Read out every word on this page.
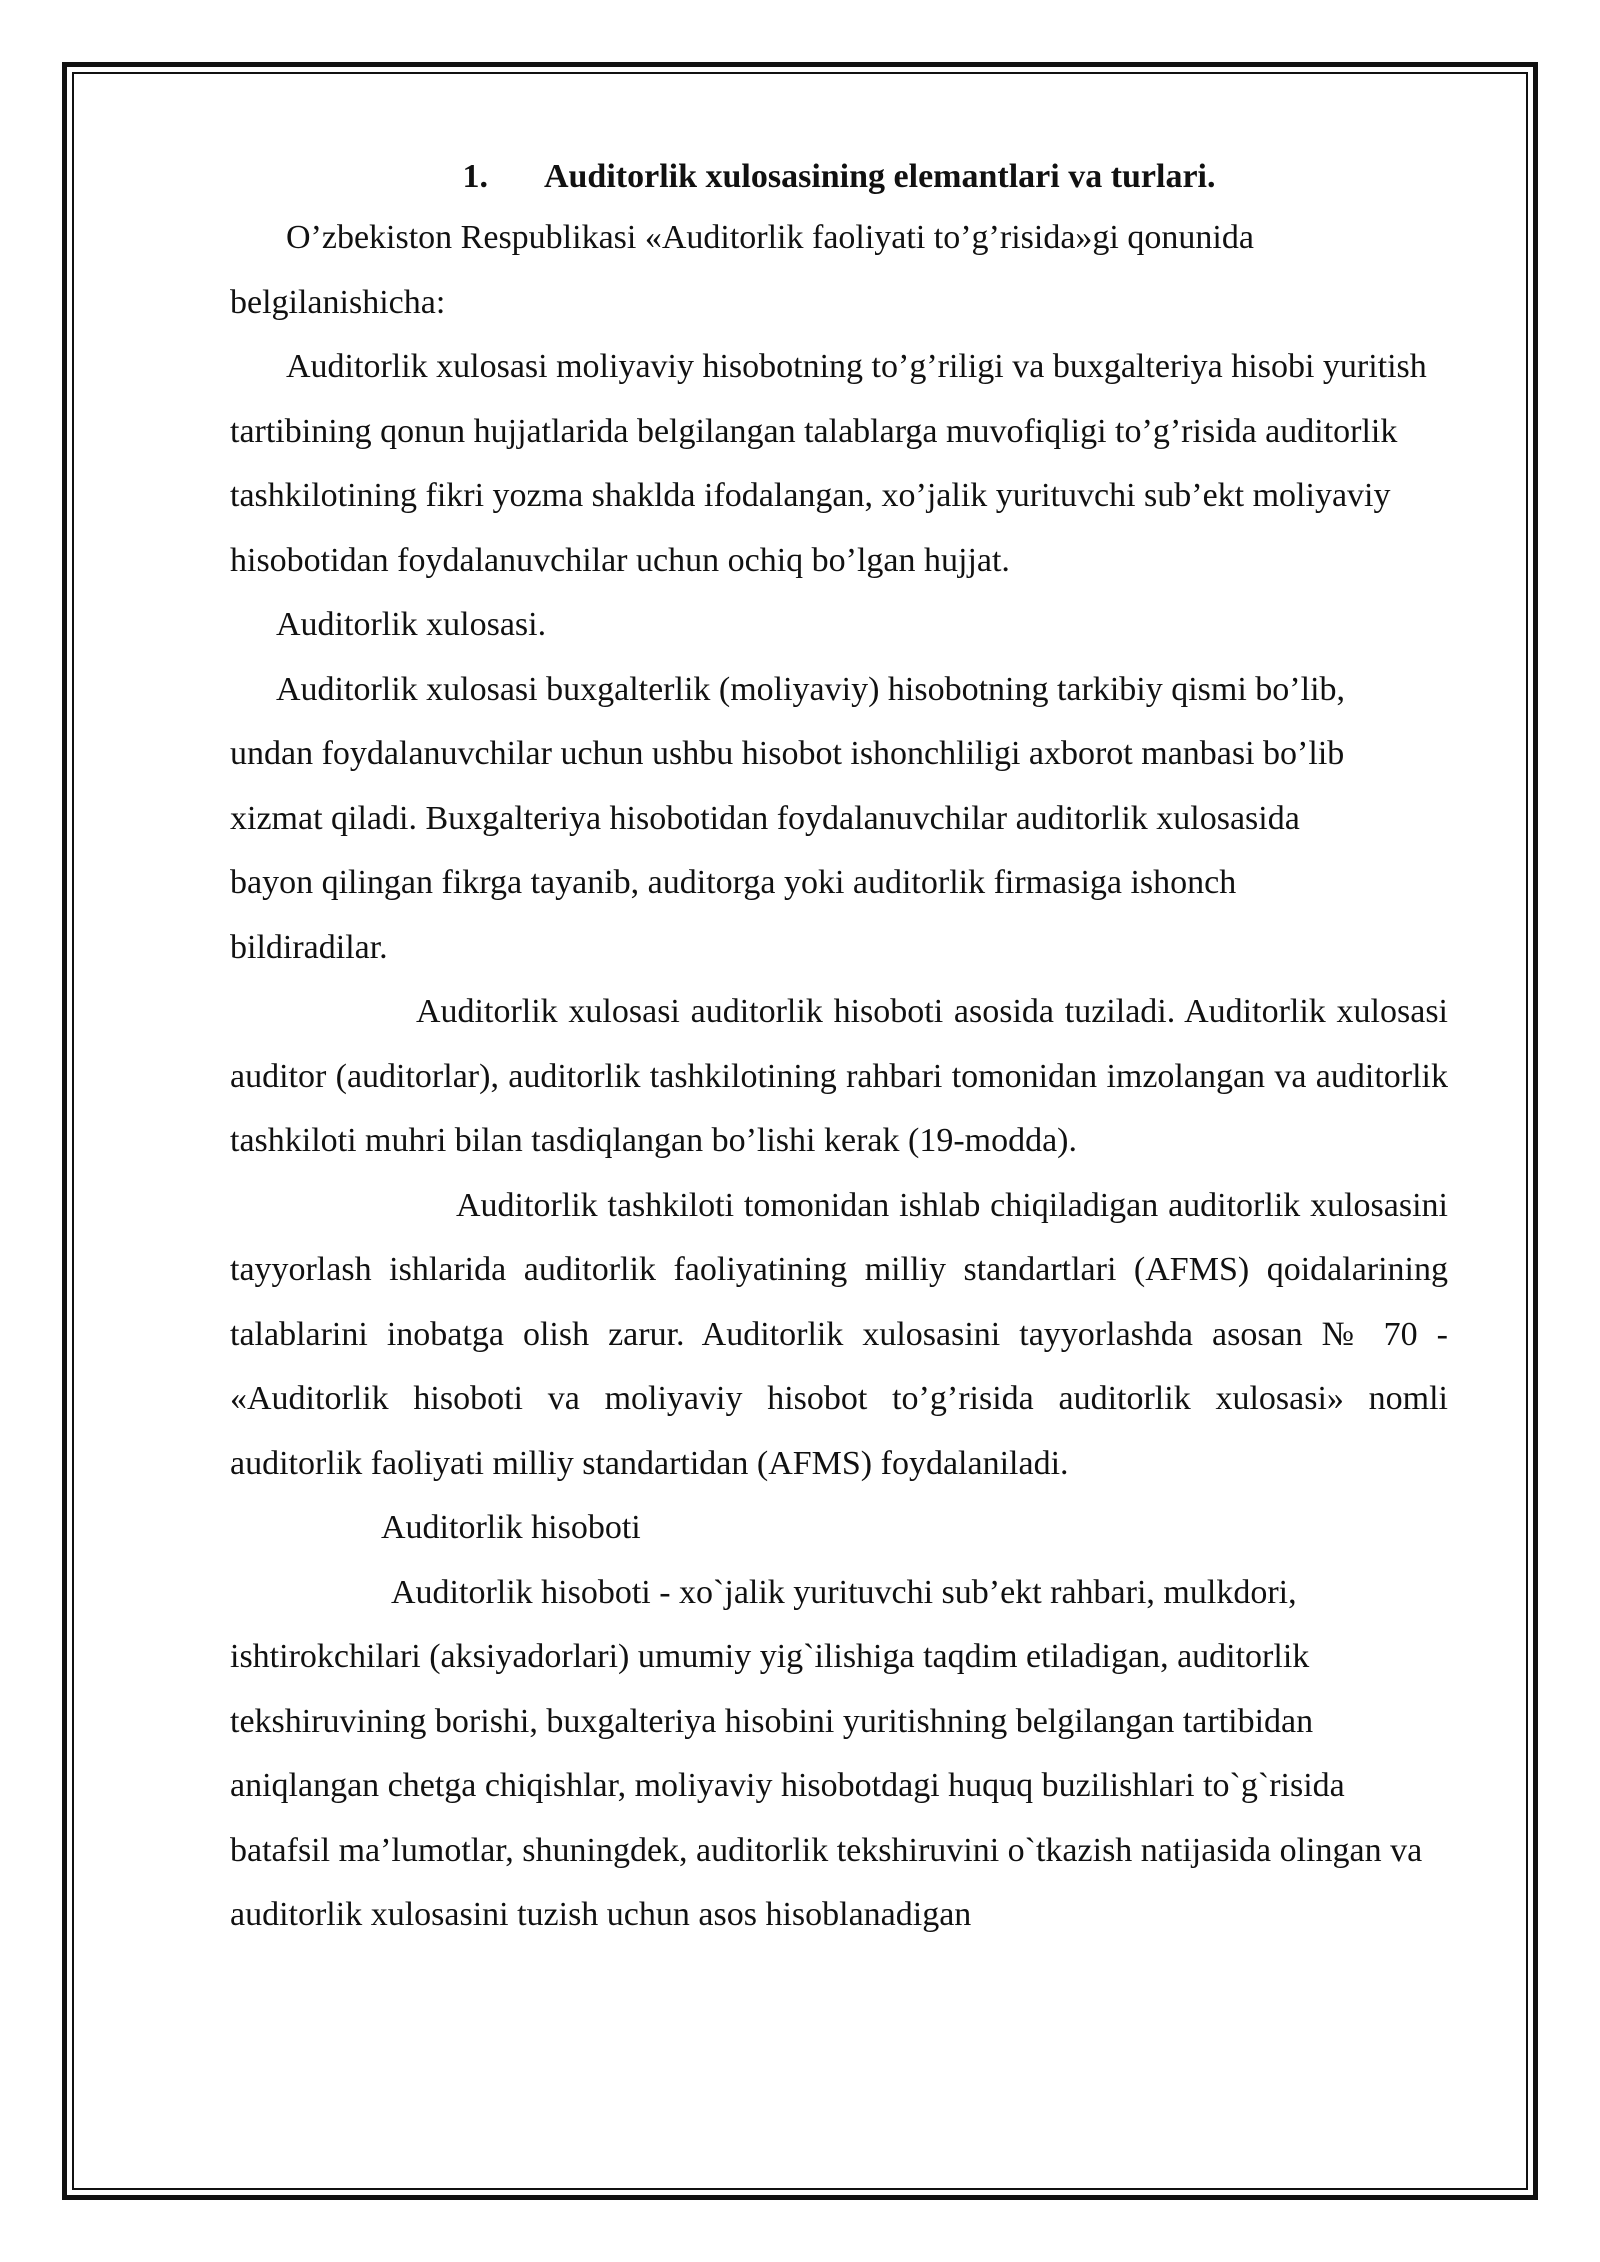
1. Auditorlik xulosasining elemantlari va turlari.

O’zbekiston Respublikasi «Auditorlik faoliyati to’g’risida»gi qonunida belgilanishicha:

Auditorlik xulosasi moliyaviy hisobotning to’g’riligi va buxgalteriya hisobi yuritish tartibining qonun hujjatlarida belgilangan talablarga muvofiqligi to’g’risida auditorlik tashkilotining fikri yozma shaklda ifodalangan, xo’jalik yurituvchi sub’ekt moliyaviy hisobotidan foydalanuvchilar uchun ochiq bo’lgan hujjat.

Auditorlik xulosasi.

Auditorlik xulosasi buxgalterlik (moliyaviy) hisobotning tarkibiy qismi bo’lib, undan foydalanuvchilar uchun ushbu hisobot ishonchliligi axborot manbasi bo’lib xizmat qiladi. Buxgalteriya hisobotidan foydalanuvchilar auditorlik xulosasida bayon qilingan fikrga tayanib, auditorga yoki auditorlik firmasiga ishonch bildiradilar.

Auditorlik xulosasi auditorlik hisoboti asosida tuziladi. Auditorlik xulosasi auditor (auditorlar), auditorlik tashkilotining rahbari tomonidan imzolangan va auditorlik tashkiloti muhri bilan tasdiqlangan bo’lishi kerak (19-modda).

Auditorlik tashkiloti tomonidan ishlab chiqiladigan auditorlik xulosasini tayyorlash ishlarida auditorlik faoliyatining milliy standartlari (AFMS) qoidalarining talablarini inobatga olish zarur. Auditorlik xulosasini tayyorlashda asosan № 70 - «Auditorlik hisoboti va moliyaviy hisobot to’g’risida auditorlik xulosasi» nomli auditorlik faoliyati milliy standartidan (AFMS) foydalaniladi.

Auditorlik hisoboti

Auditorlik hisoboti - xo`jalik yurituvchi sub’ekt rahbari, mulkdori, ishtirokchilari (aksiyadorlari) umumiy yig`ilishiga taqdim etiladigan, auditorlik tekshiruvining borishi, buxgalteriya hisobini yuritishning belgilangan tartibidan aniqlangan chetga chiqishlar, moliyaviy hisobotdagi huquq buzilishlari to`g`risida batafsil ma’lumotlar, shuningdek, auditorlik tekshiruvini o`tkazish natijasida olingan va auditorlik xulosasini tuzish uchun asos hisoblanadigan
